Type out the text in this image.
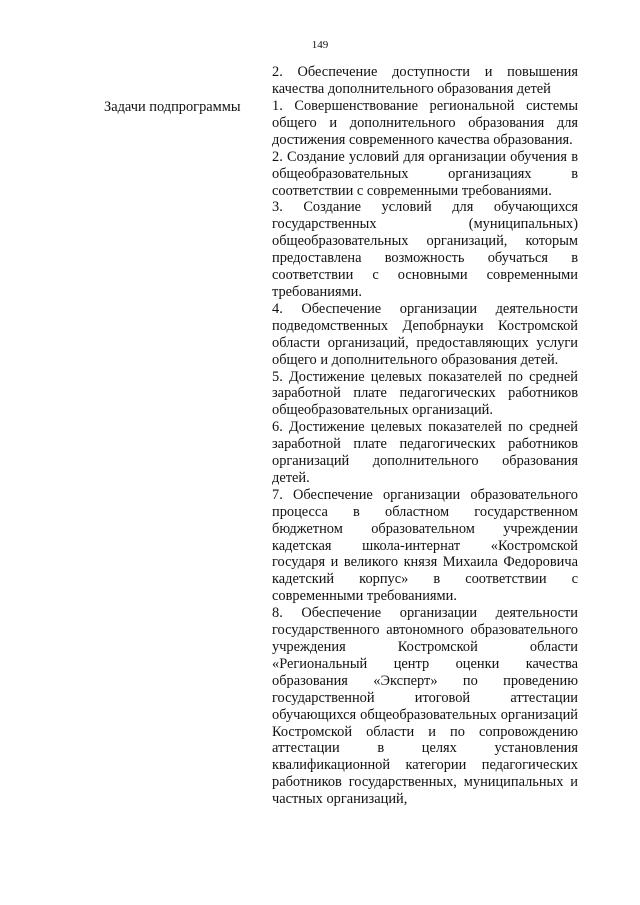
149

2. Обеспечение доступности и повышения качества дополнительного образования детей

Задачи подпрограммы 1. Совершенствование региональной системы общего и дополнительного образования для достижения современного качества образования.

2. Создание условий для организации обучения в общеобразовательных организациях в соответствии с современными требованиями.

3. Создание условий для обучающихся государственных (муниципальных) общеобразовательных организаций, которым предоставлена возможность обучаться в соответствии с основными современными требованиями.

4. Обеспечение организации деятельности подведомственных Депобрнауки Костромской области организаций, предоставляющих услуги общего и дополнительного образования детей.

5. Достижение целевых показателей по средней заработной плате педагогических работников общеобразовательных организаций.

6. Достижение целевых показателей по средней заработной плате педагогических работников организаций дополнительного образования детей.

7. Обеспечение организации образовательного процесса в областном государственном бюджетном образовательном учреждении кадетская школа-интернат «Костромской государя и великого князя Михаила Федоровича кадетский корпус» в соответствии с современными требованиями.

8. Обеспечение организации деятельности государственного автономного образовательного учреждения Костромской области «Региональный центр оценки качества образования «Эксперт» по проведению государственной итоговой аттестации обучающихся общеобразовательных организаций Костромской области и по сопровождению аттестации в целях установления квалификационной категории педагогических работников государственных, муниципальных и частных организаций,
